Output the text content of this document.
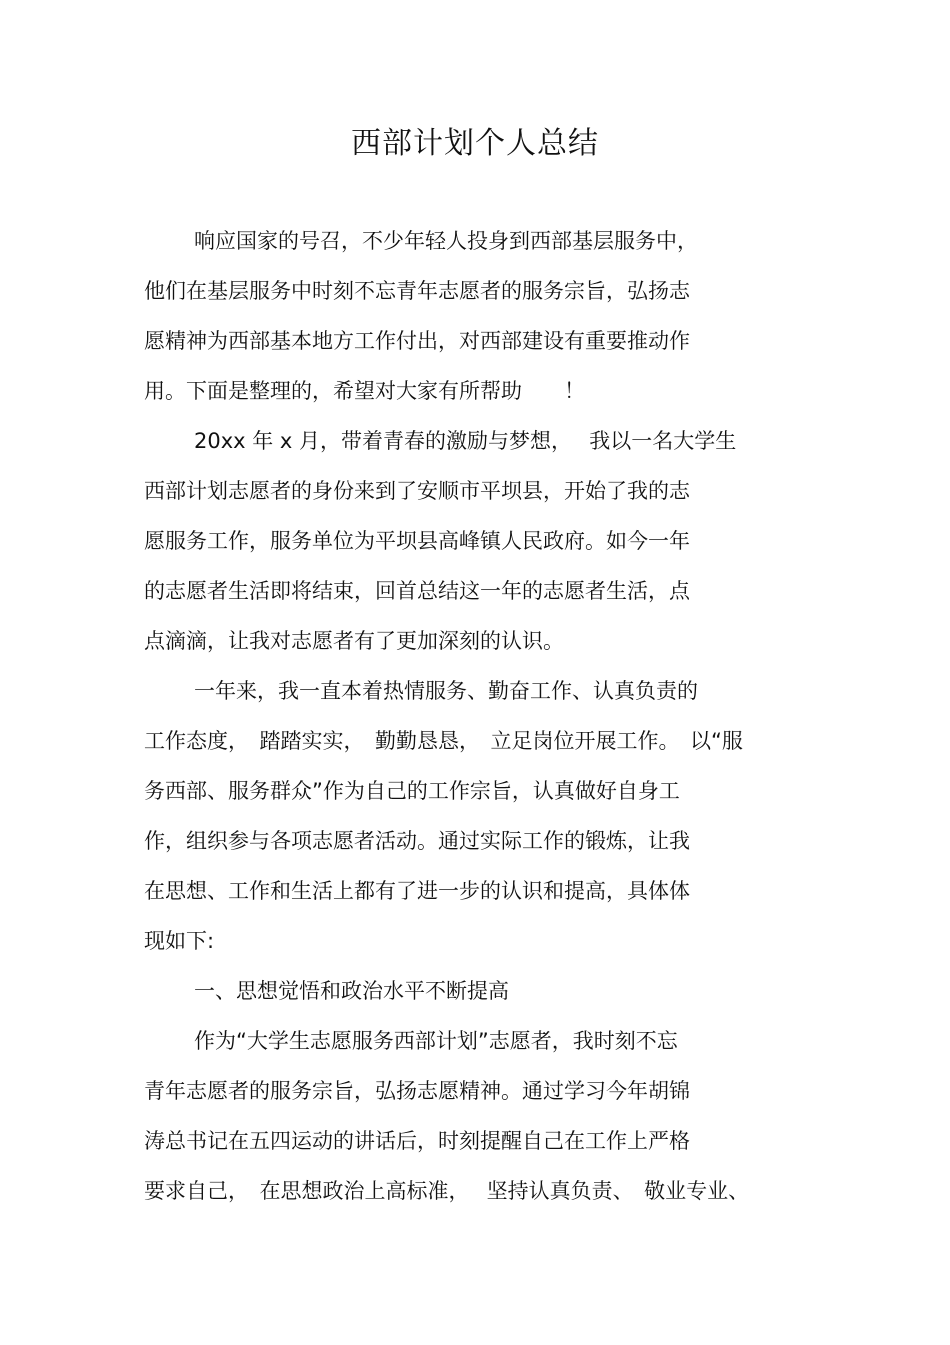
西部计划个人总结
响应国家的号召，不少年轻人投身到西部基层服务中，
他们在基层服务中时刻不忘青年志愿者的服务宗旨，弘扬志
愿精神为西部基本地方工作付出，对西部建设有重要推动作
用。下面是整理的，希望对大家有所帮助　　！
20xx 年 x 月，带着青春的激励与梦想，　 我以一名大学生
西部计划志愿者的身份来到了安顺市平坝县，开始了我的志
愿服务工作，服务单位为平坝县高峰镇人民政府。如今一年
的志愿者生活即将结束，回首总结这一年的志愿者生活，点
点滴滴，让我对志愿者有了更加深刻的认识。
一年来，我一直本着热情服务、勤奋工作、认真负责的
工作态度，　踏踏实实，　勤勤恳恳，　立足岗位开展工作。　以“服
务西部、服务群众”作为自己的工作宗旨，认真做好自身工
作，组织参与各项志愿者活动。通过实际工作的锻炼，让我
在思想、工作和生活上都有了进一步的认识和提高，具体体
现如下:
一、思想觉悟和政治水平不断提高
作为“大学生志愿服务西部计划”志愿者，我时刻不忘
青年志愿者的服务宗旨，弘扬志愿精神。通过学习今年胡锦
涛总书记在五四运动的讲话后，时刻提醒自己在工作上严格
要求自己，　在思想政治上高标准，　 坚持认真负责、　敬业专业、
